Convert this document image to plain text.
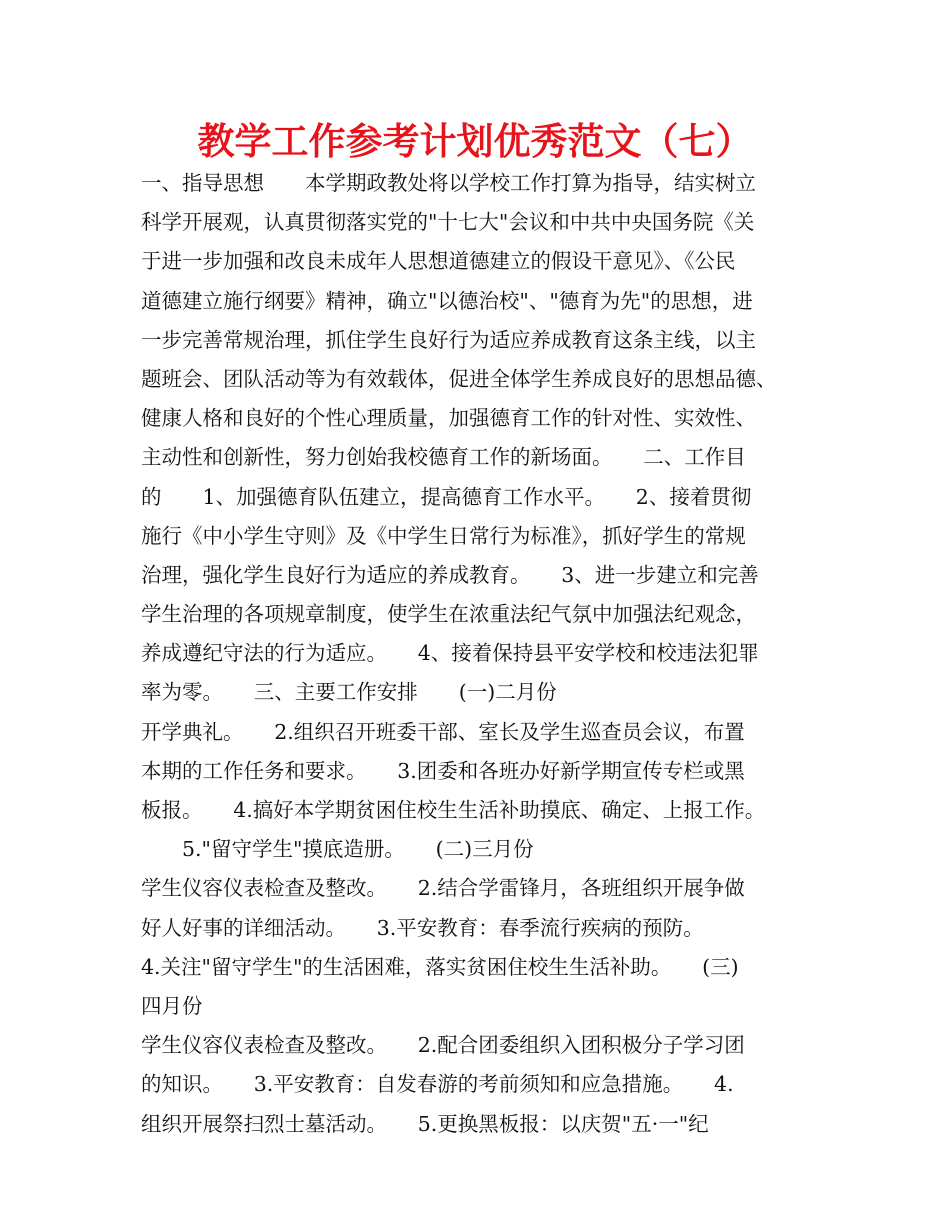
教学工作参考计划优秀范文（七）
一、指导思想　　本学期政教处将以学校工作打算为指导，结实树立
科学开展观，认真贯彻落实党的"十七大"会议和中共中央国务院《关
于进一步加强和改良未成年人思想道德建立的假设干意见》、《公民
道德建立施行纲要》精神，确立"以德治校"、"德育为先"的思想，进
一步完善常规治理，抓住学生良好行为适应养成教育这条主线，以主
题班会、团队活动等为有效载体，促进全体学生养成良好的思想品德、
健康人格和良好的个性心理质量，加强德育工作的针对性、实效性、
主动性和创新性，努力创始我校德育工作的新场面。　　二、工作目
的　　1、加强德育队伍建立，提高德育工作水平。　　2、接着贯彻
施行《中小学生守则》及《中学生日常行为标准》，抓好学生的常规
治理，强化学生良好行为适应的养成教育。　　3、进一步建立和完善
学生治理的各项规章制度，使学生在浓重法纪气氛中加强法纪观念，
养成遵纪守法的行为适应。　　4、接着保持县平安学校和校违法犯罪
率为零。　　三、主要工作安排　　(一)二月份
开学典礼。　　2.组织召开班委干部、室长及学生巡查员会议，布置
本期的工作任务和要求。　　3.团委和各班办好新学期宣传专栏或黑
板报。　　4.搞好本学期贫困住校生生活补助摸底、确定、上报工作。
　　5."留守学生"摸底造册。　　(二)三月份
学生仪容仪表检查及整改。　　2.结合学雷锋月，各班组织开展争做
好人好事的详细活动。　　3.平安教育：春季流行疾病的预防。
4.关注"留守学生"的生活困难，落实贫困住校生生活补助。　　(三)
四月份
学生仪容仪表检查及整改。　　2.配合团委组织入团积极分子学习团
的知识。　　3.平安教育：自发春游的考前须知和应急措施。　　4.
组织开展祭扫烈士墓活动。　　5.更换黑板报：以庆贺"五·一"纪
